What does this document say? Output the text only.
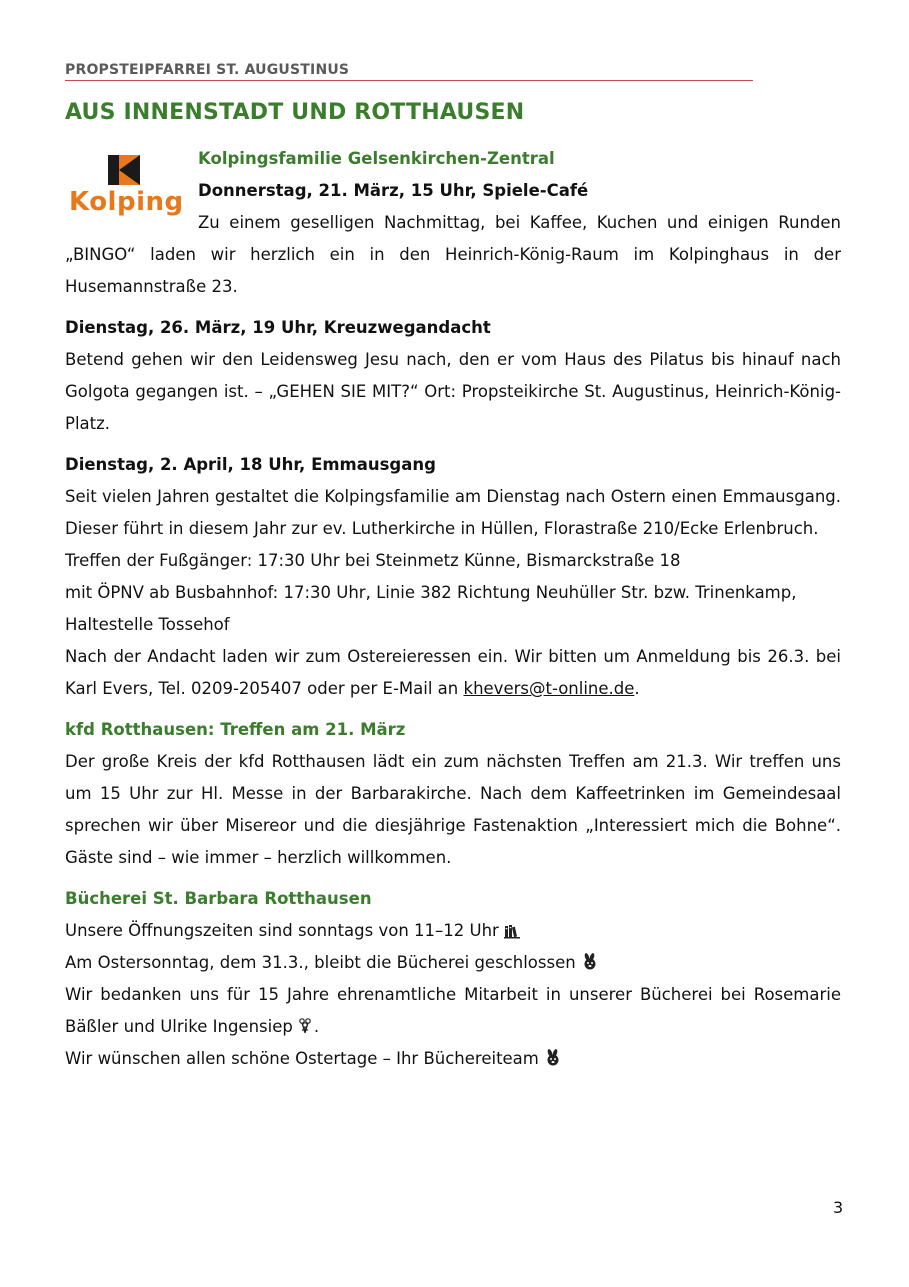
PROPSTEIPFARREI ST. AUGUSTINUS
AUS INNENSTADT UND ROTTHAUSEN
Kolping

Kolpingsfamilie Gelsenkirchen-Zentral

Donnerstag, 21. März, 15 Uhr, Spiele-Café

Zu einem geselligen Nachmittag, bei Kaffee, Kuchen und einigen Runden „BINGO“ laden wir herzlich ein in den Heinrich-König-Raum im Kolpinghaus in der Husemannstraße 23.

Dienstag, 26. März, 19 Uhr, Kreuzwegandacht

Betend gehen wir den Leidensweg Jesu nach, den er vom Haus des Pilatus bis hinauf nach Golgota gegangen ist. – „GEHEN SIE MIT?“ Ort: Propsteikirche St. Augustinus, Heinrich-König-Platz.

Dienstag, 2. April, 18 Uhr, Emmausgang

Seit vielen Jahren gestaltet die Kolpingsfamilie am Dienstag nach Ostern einen Emmausgang. Dieser führt in diesem Jahr zur ev. Lutherkirche in Hüllen, Florastraße 210/Ecke Erlenbruch.

Treffen der Fußgänger: 17:30 Uhr bei Steinmetz Künne, Bismarckstraße 18

mit ÖPNV ab Busbahnhof: 17:30 Uhr, Linie 382 Richtung Neuhüller Str. bzw. Trinenkamp, Haltestelle Tossehof

Nach der Andacht laden wir zum Ostereieressen ein. Wir bitten um Anmeldung bis 26.3. bei Karl Evers, Tel. 0209-205407 oder per E-Mail an khevers@t-online.de.

kfd Rotthausen: Treffen am 21. März

Der große Kreis der kfd Rotthausen lädt ein zum nächsten Treffen am 21.3. Wir treffen uns um 15 Uhr zur Hl. Messe in der Barbarakirche. Nach dem Kaffeetrinken im Gemeindesaal sprechen wir über Misereor und die diesjährige Fastenaktion „Interessiert mich die Bohne“. Gäste sind – wie immer – herzlich willkommen.

Bücherei St. Barbara Rotthausen

Unsere Öffnungszeiten sind sonntags von 11–12 Uhr

Am Ostersonntag, dem 31.3., bleibt die Bücherei geschlossen

Wir bedanken uns für 15 Jahre ehrenamtliche Mitarbeit in unserer Bücherei bei Rosemarie Bäßler und Ulrike Ingensiep .

Wir wünschen allen schöne Ostertage – Ihr Büchereiteam

3
